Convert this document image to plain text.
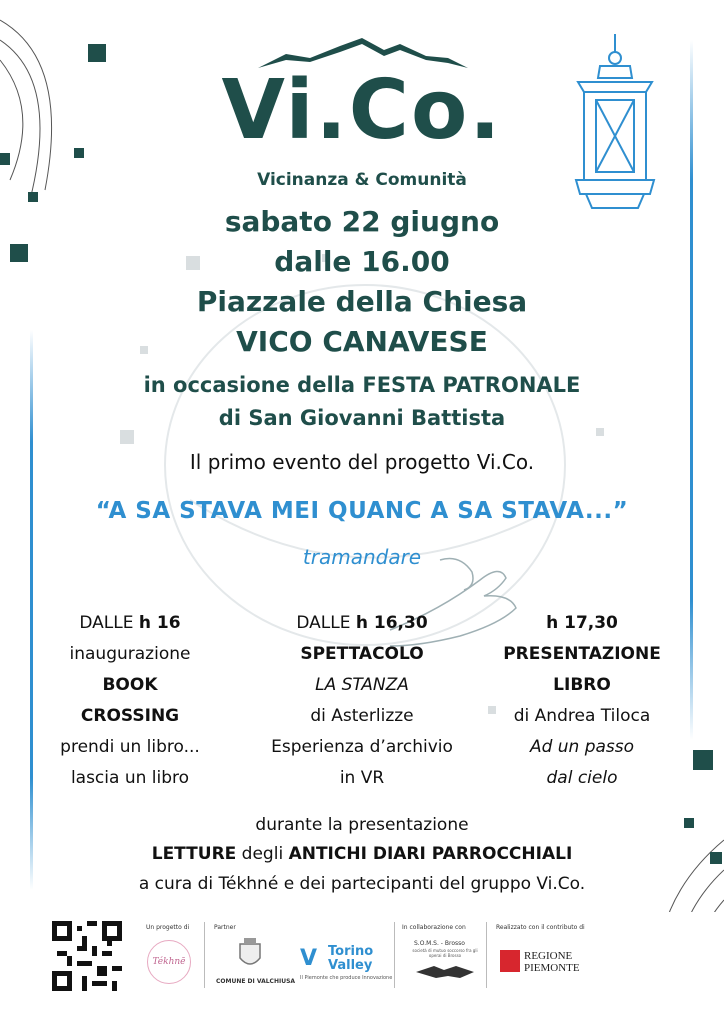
Vi.Co.
Vicinanza & Comunità
sabato 22 giugno
dalle 16.00
Piazzale della Chiesa
VICO CANAVESE
in occasione della FESTA PATRONALE
di San Giovanni Battista
Il primo evento del progetto Vi.Co.
“A SA STAVA MEI QUANC A SA STAVA...”
tramandare
DALLE h 16
inaugurazione
BOOK
CROSSING
prendi un libro...
lascia un libro
DALLE h 16,30
SPETTACOLO
LA STANZA
di Asterlizze
Esperienza d’archivio
in VR
h 17,30
PRESENTAZIONE
LIBRO
di Andrea Tiloca
Ad un passo
dal cielo
durante la presentazione
LETTURE degli ANTICHI DIARI PARROCCHIALI
a cura di Tékhné e dei partecipanti del gruppo Vi.Co.
Un progetto di
Tékhnē
Partner
COMUNE DI VALCHIUSA
V Torino
Valley
Il Piemonte che produce Innovazione
In collaborazione con
S.O.M.S. - Brosso
società di mutuo soccorso fra gli operai di Brosso
Realizzato con il contributo di
REGIONE
PIEMONTE
